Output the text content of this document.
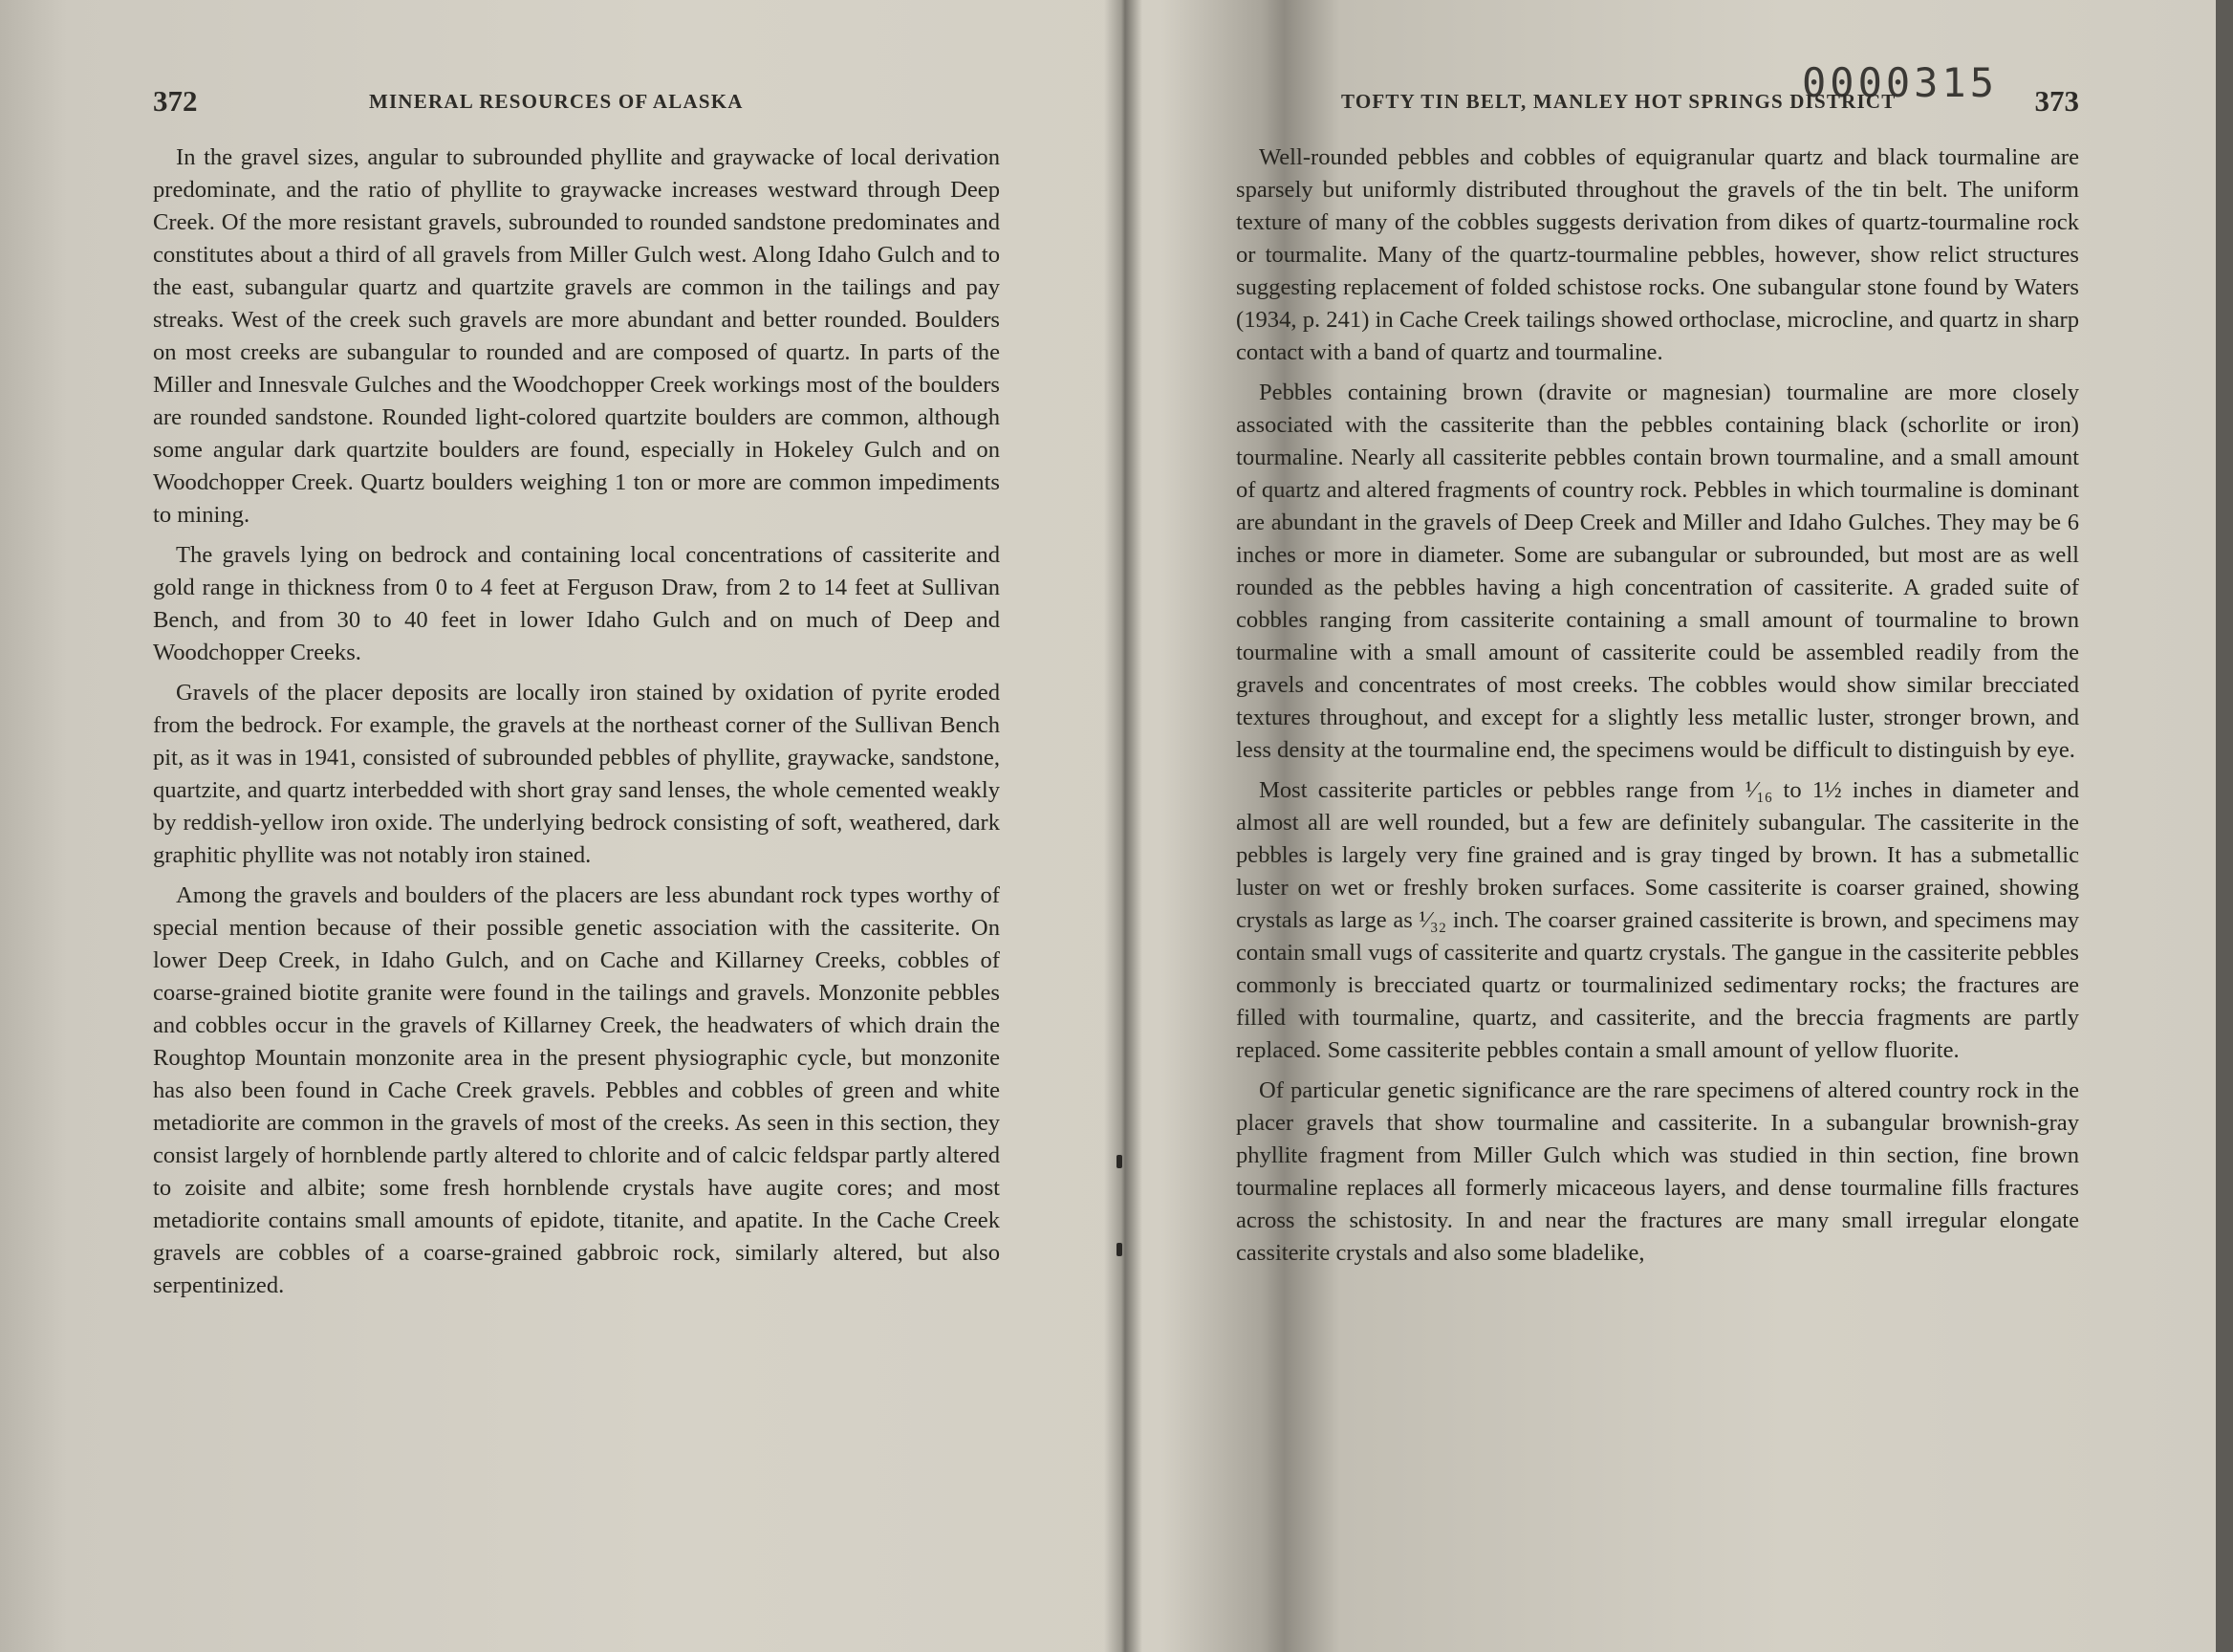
372	MINERAL RESOURCES OF ALASKA

In the gravel sizes, angular to subrounded phyllite and graywacke of local derivation predominate, and the ratio of phyllite to graywacke increases westward through Deep Creek. Of the more resistant gravels, subrounded to rounded sandstone predominates and constitutes about a third of all gravels from Miller Gulch west. Along Idaho Gulch and to the east, subangular quartz and quartzite gravels are common in the tailings and pay streaks. West of the creek such gravels are more abundant and better rounded. Boulders on most creeks are subangular to rounded and are composed of quartz. In parts of the Miller and Innesvale Gulches and the Woodchopper Creek workings most of the boulders are rounded sandstone. Rounded light-colored quartzite boulders are common, although some angular dark quartzite boulders are found, especially in Hokeley Gulch and on Woodchopper Creek. Quartz boulders weighing 1 ton or more are common impediments to mining.

The gravels lying on bedrock and containing local concentrations of cassiterite and gold range in thickness from 0 to 4 feet at Ferguson Draw, from 2 to 14 feet at Sullivan Bench, and from 30 to 40 feet in lower Idaho Gulch and on much of Deep and Woodchopper Creeks.

Gravels of the placer deposits are locally iron stained by oxidation of pyrite eroded from the bedrock. For example, the gravels at the northeast corner of the Sullivan Bench pit, as it was in 1941, consisted of subrounded pebbles of phyllite, graywacke, sandstone, quartzite, and quartz interbedded with short gray sand lenses, the whole cemented weakly by reddish-yellow iron oxide. The underlying bedrock consisting of soft, weathered, dark graphitic phyllite was not notably iron stained.

Among the gravels and boulders of the placers are less abundant rock types worthy of special mention because of their possible genetic association with the cassiterite. On lower Deep Creek, in Idaho Gulch, and on Cache and Killarney Creeks, cobbles of coarse-grained biotite granite were found in the tailings and gravels. Monzonite pebbles and cobbles occur in the gravels of Killarney Creek, the headwaters of which drain the Roughtop Mountain monzonite area in the present physiographic cycle, but monzonite has also been found in Cache Creek gravels. Pebbles and cobbles of green and white metadiorite are common in the gravels of most of the creeks. As seen in this section, they consist largely of hornblende partly altered to chlorite and of calcic feldspar partly altered to zoisite and albite; some fresh hornblende crystals have augite cores; and most metadiorite contains small amounts of epidote, titanite, and apatite. In the Cache Creek gravels are cobbles of a coarse-grained gabbroic rock, similarly altered, but also serpentinized.

0000315
TOFTY TIN BELT, MANLEY HOT SPRINGS DISTRICT	373

Well-rounded pebbles and cobbles of equigranular quartz and black tourmaline are sparsely but uniformly distributed throughout the gravels of the tin belt. The uniform texture of many of the cobbles suggests derivation from dikes of quartz-tourmaline rock or tourmalite. Many of the quartz-tourmaline pebbles, however, show relict structures suggesting replacement of folded schistose rocks. One subangular stone found by Waters (1934, p. 241) in Cache Creek tailings showed orthoclase, microcline, and quartz in sharp contact with a band of quartz and tourmaline.

Pebbles containing brown (dravite or magnesian) tourmaline are more closely associated with the cassiterite than the pebbles containing black (schorlite or iron) tourmaline. Nearly all cassiterite pebbles contain brown tourmaline, and a small amount of quartz and altered fragments of country rock. Pebbles in which tourmaline is dominant are abundant in the gravels of Deep Creek and Miller and Idaho Gulches. They may be 6 inches or more in diameter. Some are subangular or subrounded, but most are as well rounded as the pebbles having a high concentration of cassiterite. A graded suite of cobbles ranging from cassiterite containing a small amount of tourmaline to brown tourmaline with a small amount of cassiterite could be assembled readily from the gravels and concentrates of most creeks. The cobbles would show similar brecciated textures throughout, and except for a slightly less metallic luster, stronger brown, and less density at the tourmaline end, the specimens would be difficult to distinguish by eye.

Most cassiterite particles or pebbles range from ¹⁄₁₆ to 1½ inches in diameter and almost all are well rounded, but a few are definitely subangular. The cassiterite in the pebbles is largely very fine grained and is gray tinged by brown. It has a submetallic luster on wet or freshly broken surfaces. Some cassiterite is coarser grained, showing crystals as large as ¹⁄₃₂ inch. The coarser grained cassiterite is brown, and specimens may contain small vugs of cassiterite and quartz crystals. The gangue in the cassiterite pebbles commonly is brecciated quartz or tourmalinized sedimentary rocks; the fractures are filled with tourmaline, quartz, and cassiterite, and the breccia fragments are partly replaced. Some cassiterite pebbles contain a small amount of yellow fluorite.

Of particular genetic significance are the rare specimens of altered country rock in the placer gravels that show tourmaline and cassiterite. In a subangular brownish-gray phyllite fragment from Miller Gulch which was studied in thin section, fine brown tourmaline replaces all formerly micaceous layers, and dense tourmaline fills fractures across the schistosity. In and near the fractures are many small irregular elongate cassiterite crystals and also some bladelike,
